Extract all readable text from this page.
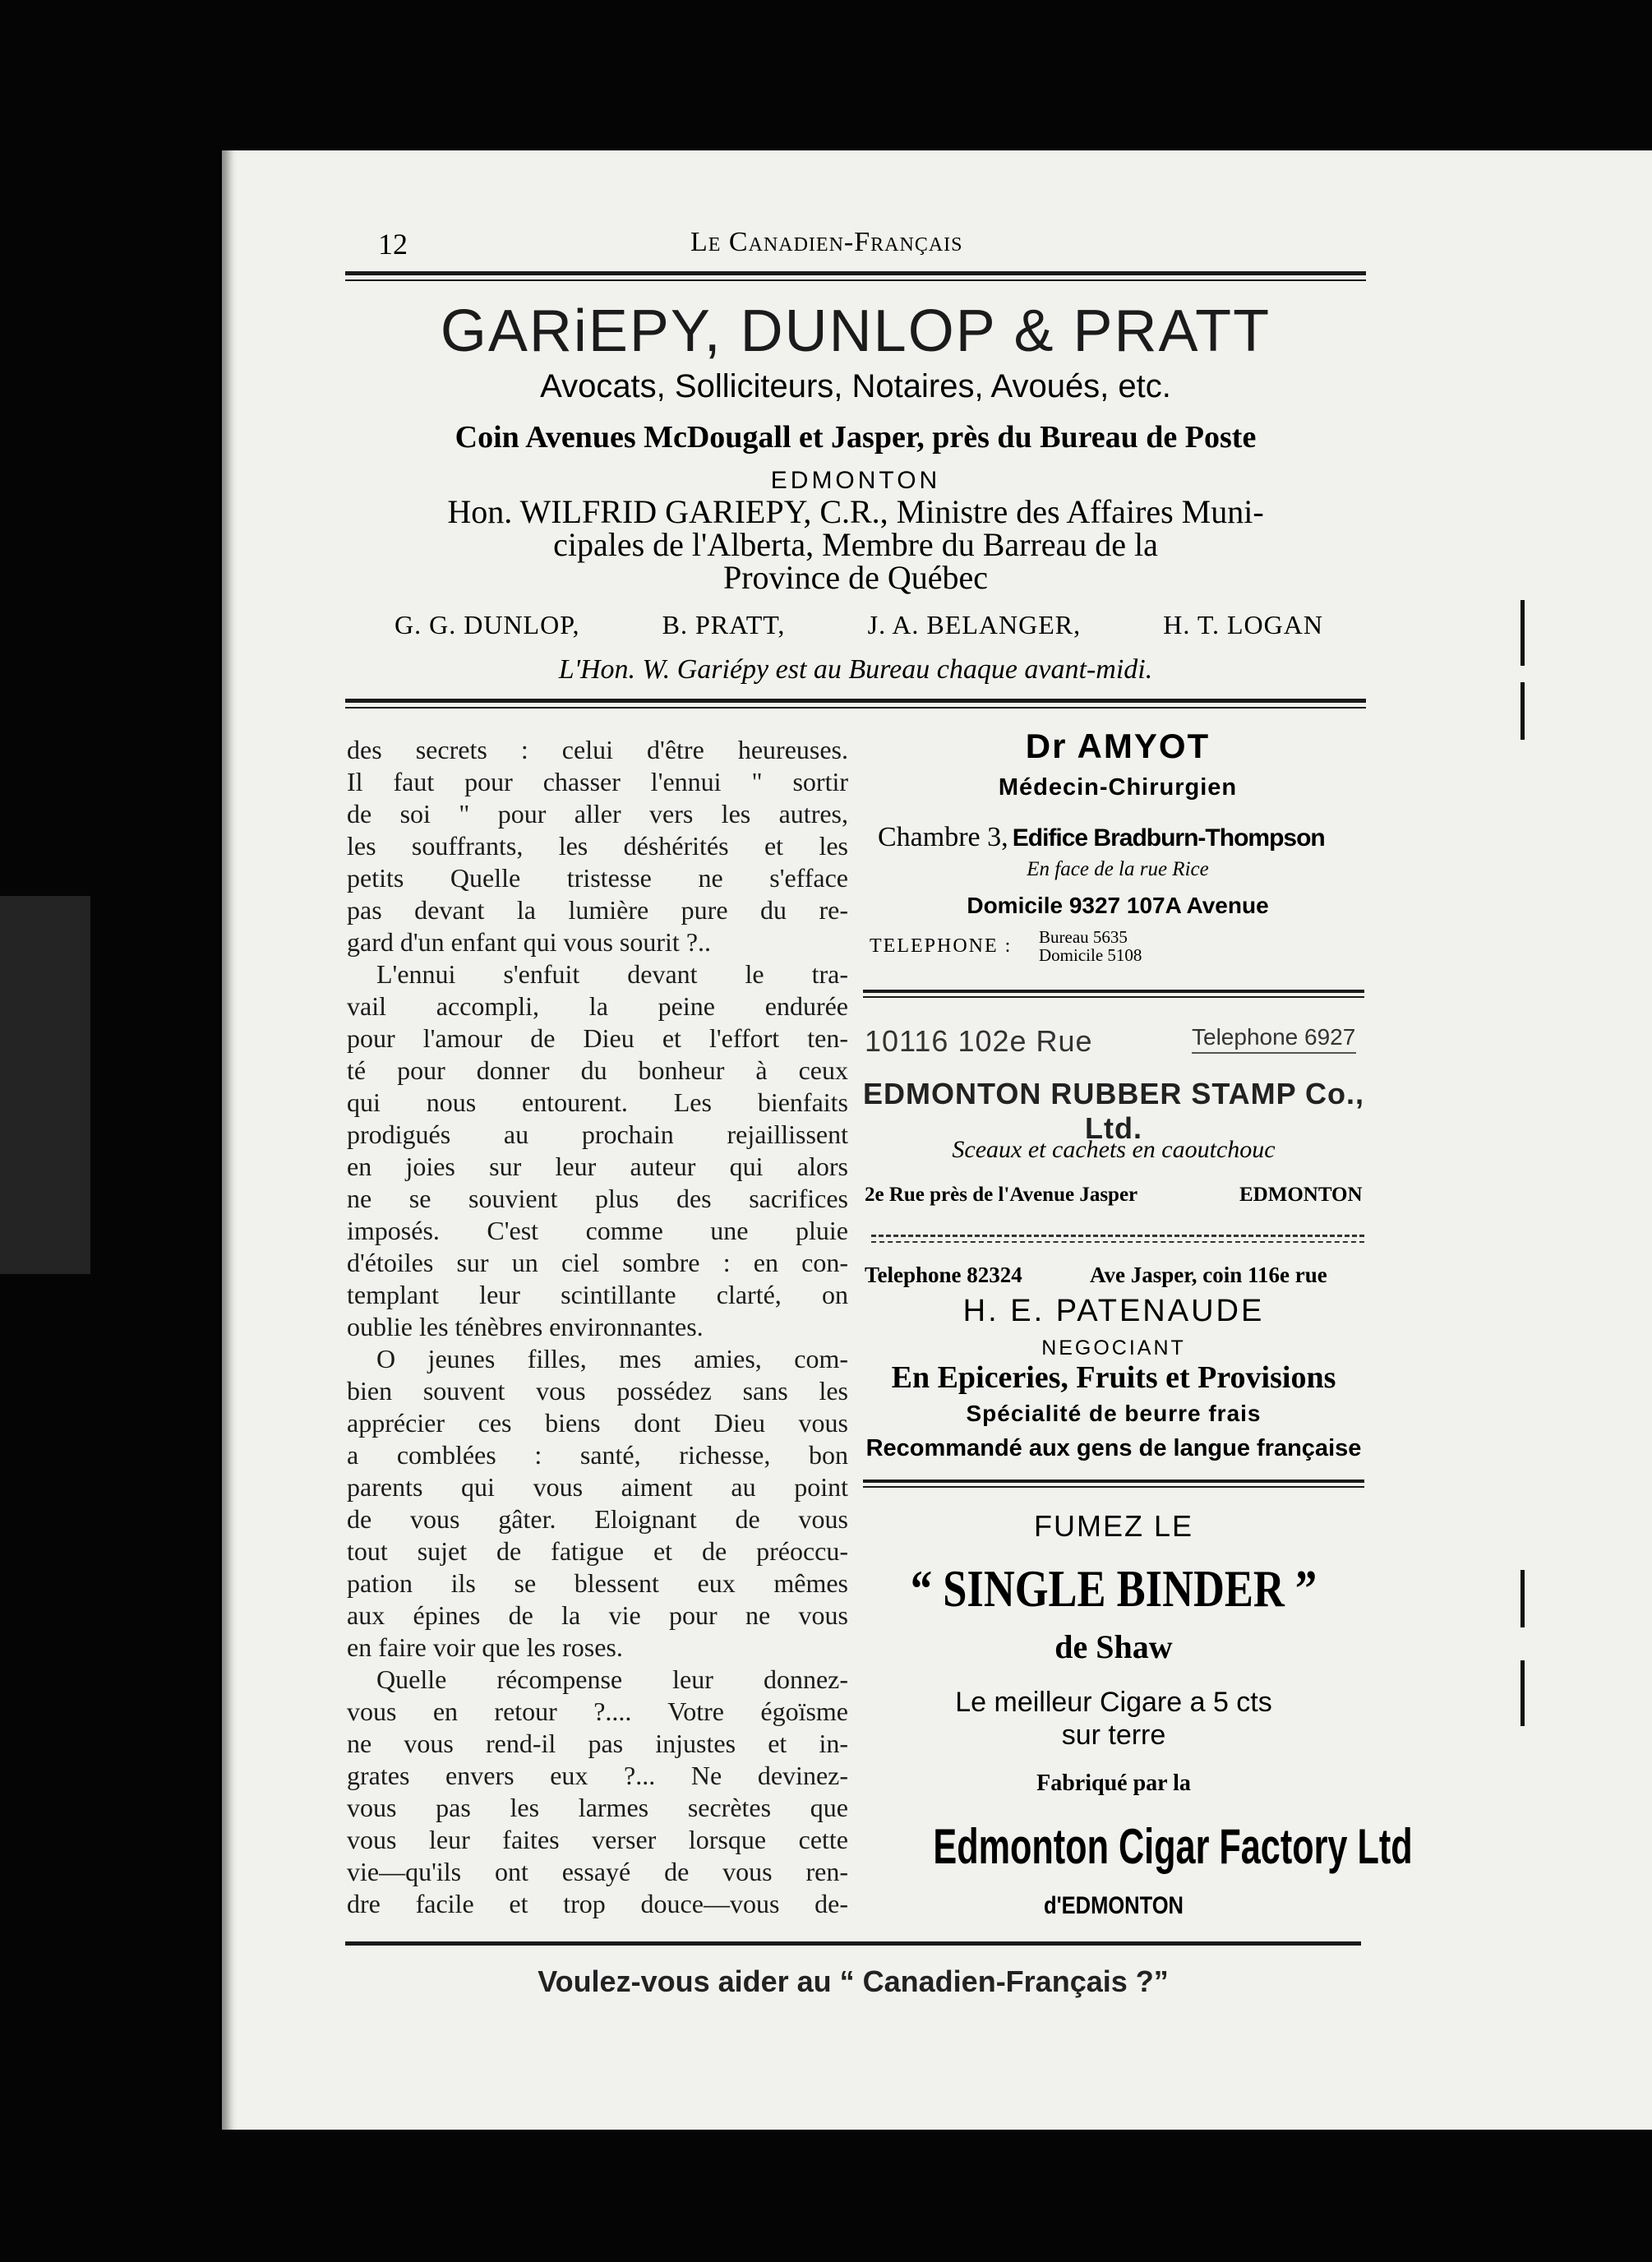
12	Le Canadien-Français
GARiEPY, DUNLOP & PRATT
Avocats, Solliciteurs, Notaires, Avoués, etc.
Coin Avenues McDougall et Jasper, près du Bureau de Poste
EDMONTON
Hon. WILFRID GARIEPY, C.R., Ministre des Affaires Muni-
cipales de l'Alberta, Membre du Barreau de la
Province de Québec
G. G. DUNLOP,	B. PRATT,	J. A. BELANGER,	H. T. LOGAN
L'Hon. W. Gariépy est au Bureau chaque avant-midi.
des secrets : celui d'être heureuses.
Il faut pour chasser l'ennui " sortir
de soi " pour aller vers les autres,
les souffrants, les déshérités et les
petits Quelle tristesse ne s'efface
pas devant la lumière pure du re-
gard d'un enfant qui vous sourit ?..
L'ennui s'enfuit devant le tra-
vail accompli, la peine endurée
pour l'amour de Dieu et l'effort ten-
té pour donner du bonheur à ceux
qui nous entourent. Les bienfaits
prodigués au prochain rejaillissent
en joies sur leur auteur qui alors
ne se souvient plus des sacrifices
imposés. C'est comme une pluie
d'étoiles sur un ciel sombre : en con-
templant leur scintillante clarté, on
oublie les ténèbres environnantes.
O jeunes filles, mes amies, com-
bien souvent vous possédez sans les
apprécier ces biens dont Dieu vous
a comblées : santé, richesse, bon
parents qui vous aiment au point
de vous gâter. Eloignant de vous
tout sujet de fatigue et de préoccu-
pation ils se blessent eux mêmes
aux épines de la vie pour ne vous
en faire voir que les roses.
Quelle récompense leur donnez-
vous en retour ?.... Votre égoïsme
ne vous rend-il pas injustes et in-
grates envers eux ?... Ne devinez-
vous pas les larmes secrètes que
vous leur faites verser lorsque cette
vie—qu'ils ont essayé de vous ren-
dre facile et trop douce—vous de-
Dr AMYOT
Médecin-Chirurgien
Chambre 3, Edifice Bradburn-Thompson
En face de la rue Rice
Domicile 9327 107A Avenue
TELEPHONE : Bureau 5635
Domicile 5108
10116 102e Rue	Telephone 6927
EDMONTON RUBBER STAMP Co., Ltd.
Sceaux et cachets en caoutchouc
2e Rue près de l'Avenue Jasper	EDMONTON
Telephone 82324	Ave Jasper, coin 116e rue
H. E. PATENAUDE
NEGOCIANT
En Epiceries, Fruits et Provisions
Spécialité de beurre frais
Recommandé aux gens de langue française
FUMEZ LE
“ SINGLE BINDER ”
de Shaw
Le meilleur Cigare a 5 cts
sur terre
Fabriqué par la
Edmonton Cigar Factory Ltd
d'EDMONTON
Voulez-vous aider au “ Canadien-Français ?”
